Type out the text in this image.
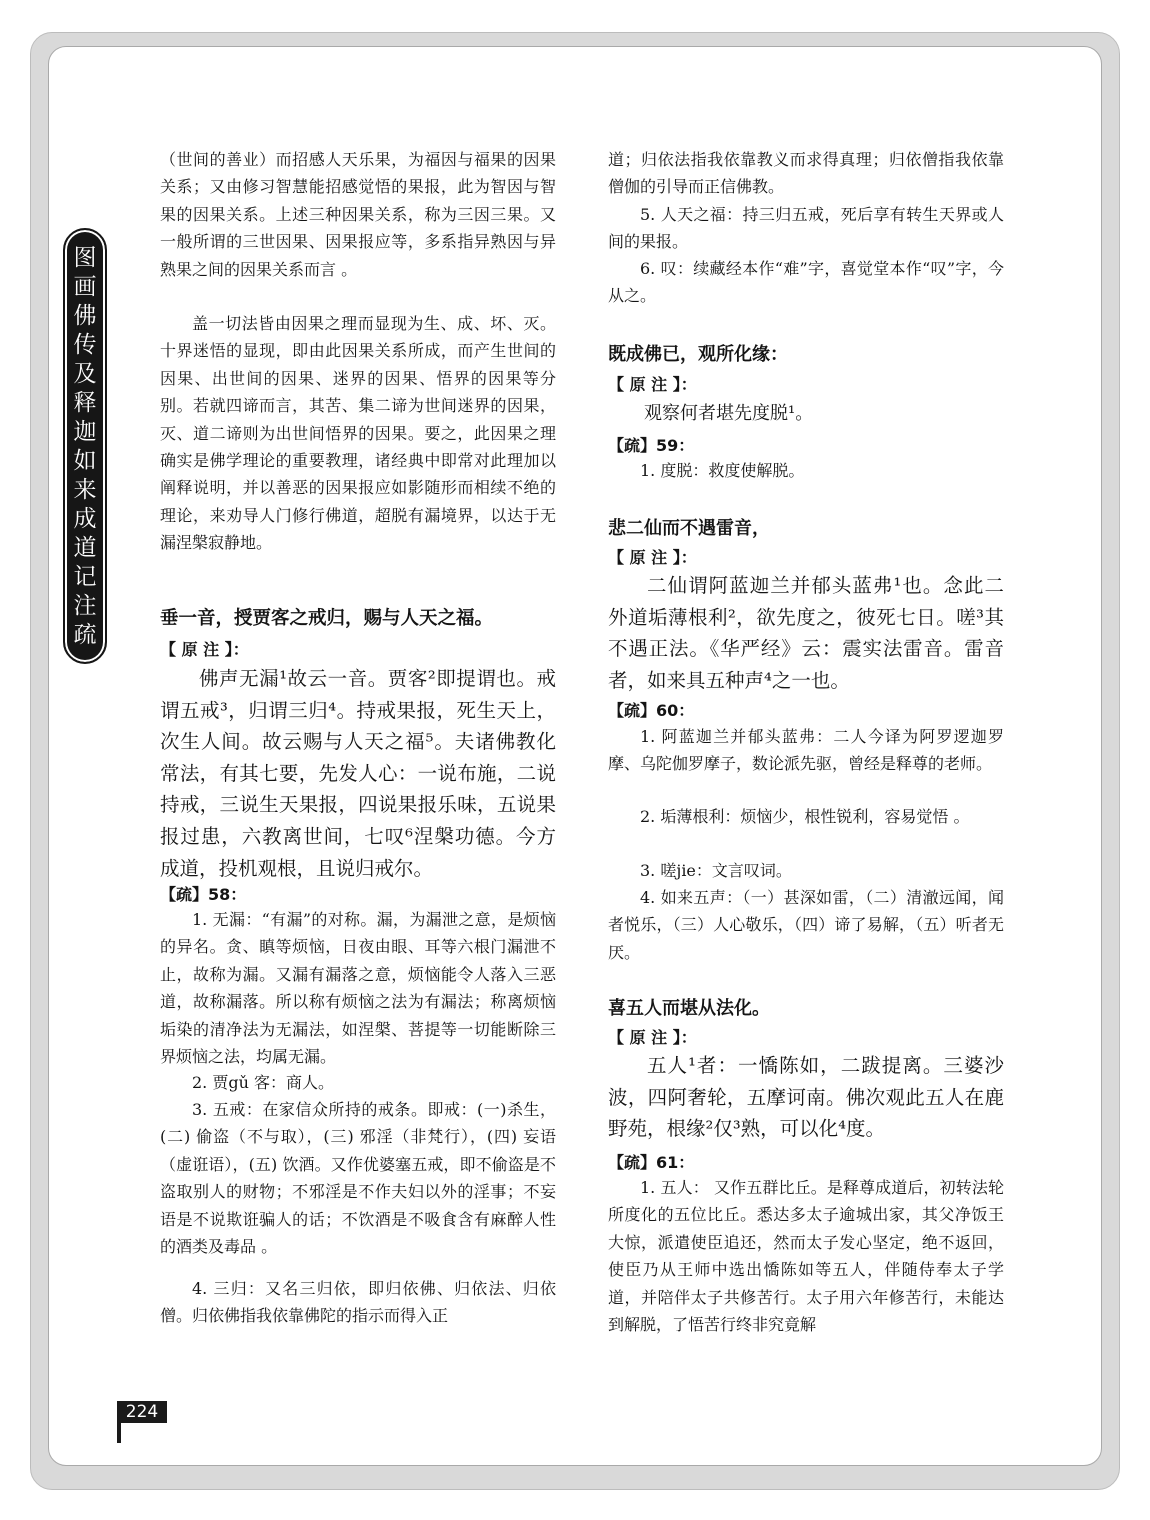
图
画
佛
传
及
释
迦
如
来
成
道
记
注
疏

（世间的善业）而招感人天乐果，为福因与福果的因果关系；又由修习智慧能招感觉悟的果报，此为智因与智果的因果关系。上述三种因果关系，称为三因三果。又一般所谓的三世因果、因果报应等，多系指异熟因与异熟果之间的因果关系而言 。

盖一切法皆由因果之理而显现为生、成、坏、灭。十界迷悟的显现，即由此因果关系所成，而产生世间的因果、出世间的因果、迷界的因果、悟界的因果等分别。若就四谛而言，其苦、集二谛为世间迷界的因果，灭、道二谛则为出世间悟界的因果。要之，此因果之理确实是佛学理论的重要教理，诸经典中即常对此理加以阐释说明，并以善恶的因果报应如影随形而相续不绝的理论，来劝导人门修行佛道，超脱有漏境界，以达于无漏涅槃寂静地。

垂一音，授贾客之戒归，赐与人天之福。

【 原 注 】：

佛声无漏¹故云一音。贾客²即提谓也。戒谓五戒³，归谓三归⁴。持戒果报，死生天上，次生人间。故云赐与人天之福⁵。夫诸佛教化常法，有其七要，先发人心：一说布施，二说持戒，三说生天果报，四说果报乐味，五说果报过患，六教离世间，七叹⁶涅槃功德。今方成道，投机观根，且说归戒尔。

【疏】58：

1. 无漏：“有漏”的对称。漏，为漏泄之意，是烦恼的异名。贪、瞋等烦恼，日夜由眼、耳等六根门漏泄不止，故称为漏。又漏有漏落之意，烦恼能令人落入三恶道，故称漏落。所以称有烦恼之法为有漏法；称离烦恼垢染的清净法为无漏法，如涅槃、菩提等一切能断除三界烦恼之法，均属无漏。

2. 贾gǔ 客：商人。

3. 五戒：在家信众所持的戒条。即戒：(一)杀生，(二) 偷盗（不与取），(三) 邪淫（非梵行），(四) 妄语（虚诳语），(五) 饮酒。又作优婆塞五戒，即不偷盗是不盗取别人的财物；不邪淫是不作夫妇以外的淫事；不妄语是不说欺诳骗人的话；不饮酒是不吸食含有麻醉人性的酒类及毒品 。

4. 三归：又名三归依，即归依佛、归依法、归依僧。归依佛指我依靠佛陀的指示而得入正

道；归依法指我依靠教义而求得真理；归依僧指我依靠僧伽的引导而正信佛教。

5. 人天之福：持三归五戒，死后享有转生天界或人间的果报。

6. 叹：续藏经本作“难”字，喜觉堂本作“叹”字，今从之。

既成佛已，观所化缘：

【 原 注 】：

观察何者堪先度脱¹。

【疏】59：

1. 度脱：救度使解脱。

悲二仙而不遇雷音，

【 原 注 】：

二仙谓阿蓝迦兰并郁头蓝弗¹也。念此二外道垢薄根利²，欲先度之，彼死七日。嗟³其不遇正法。《华严经》云：震实法雷音。雷音者，如来具五种声⁴之一也。

【疏】60：

1. 阿蓝迦兰并郁头蓝弗：二人今译为阿罗逻迦罗摩、乌陀伽罗摩子，数论派先驱，曾经是释尊的老师。

2. 垢薄根利：烦恼少，根性锐利，容易觉悟 。

3. 嗟jie：文言叹词。

4. 如来五声：（一）甚深如雷，（二）清澈远闻，闻者悦乐，（三）人心敬乐，（四）谛了易解，（五）听者无厌。

喜五人而堪从法化。

【 原 注 】：

五人¹者：一憍陈如，二跋提离。三婆沙波，四阿奢轮，五摩诃南。佛次观此五人在鹿野苑，根缘²仅³熟，可以化⁴度。

【疏】61：

1. 五人： 又作五群比丘。是释尊成道后，初转法轮所度化的五位比丘。悉达多太子逾城出家，其父净饭王大惊，派遣使臣追还，然而太子发心坚定，绝不返回，使臣乃从王师中选出憍陈如等五人，伴随侍奉太子学道，并陪伴太子共修苦行。太子用六年修苦行，未能达到解脱，了悟苦行终非究竟解

224
